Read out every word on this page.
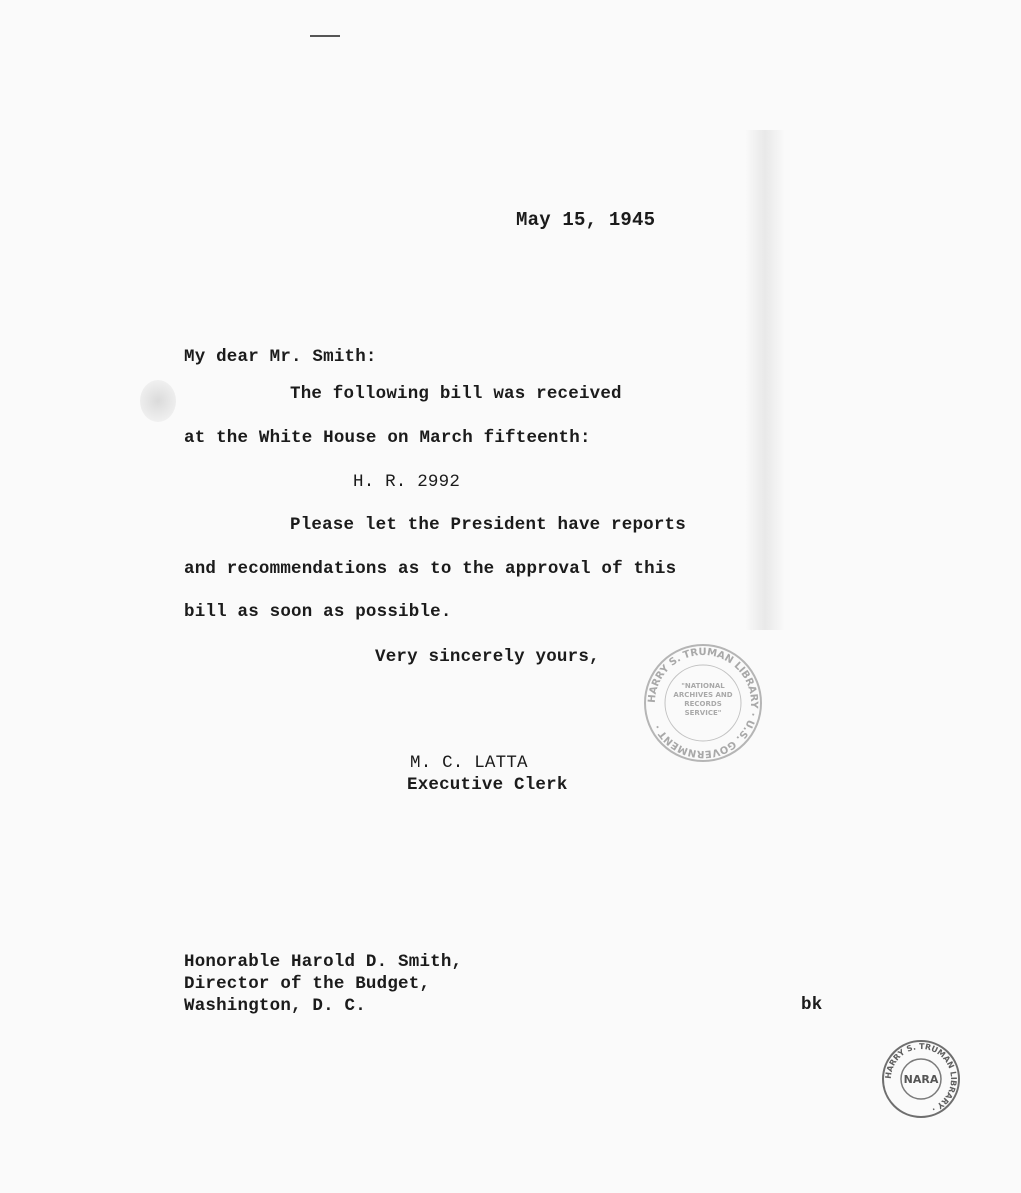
May 15, 1945
My dear Mr. Smith:
The following bill was received
at the White House on March fifteenth:
H. R. 2992
Please let the President have reports
and recommendations as to the approval of this
bill as soon as possible.
Very sincerely yours,
M. C. LATTA
Executive Clerk
Honorable Harold D. Smith,
Director of the Budget,
Washington, D. C.	bk
HARRY S. TRUMAN LIBRARY · U.S. GOVERNMENT ·
"NATIONAL ARCHIVES AND RECORDS SERVICE"
HARRY S. TRUMAN LIBRARY ·
NARA
